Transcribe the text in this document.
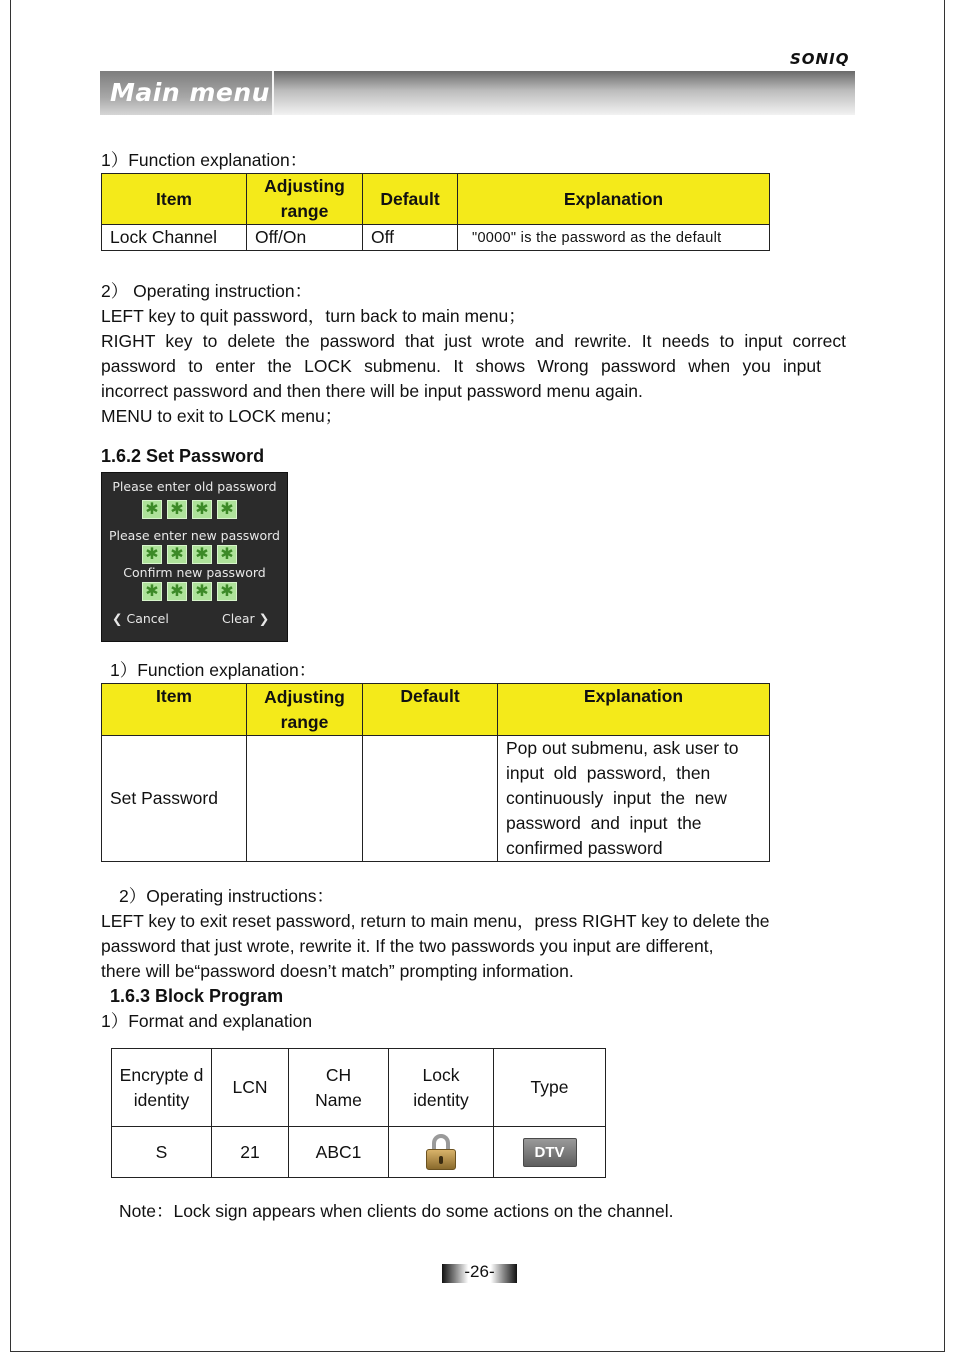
SONIQ
Main menu
1）Function explanation：
Item	Adjusting range	Default	Explanation
Lock Channel	Off/On	Off	"0000" is the password as the default
2） Operating instruction：
LEFT key to quit password，turn back to main menu；
RIGHT key to delete the password that just wrote and rewrite. It needs to input correct
password to enter the LOCK submenu. It shows Wrong password when you input
incorrect password and then there will be input password menu again.
MENU to exit to LOCK menu；
1.6.2 Set Password
Please enter old password
✱ ✱ ✱ ✱
Please enter new password
✱ ✱ ✱ ✱
Confirm new password
✱ ✱ ✱ ✱
❮ Cancel	Clear ❯
1）Function explanation：
Item	Adjusting range	Default	Explanation
Set Password			Pop out submenu, ask user to
input  old  password,  then
continuously  input  the  new
password  and  input  the
confirmed password
2）Operating instructions：
LEFT key to exit reset password, return to main menu，press RIGHT key to delete the
password that just wrote, rewrite it. If the two passwords you input are different,
there will be“password doesn’t match” prompting information.
1.6.3 Block Program
1）Format and explanation
Encrypte d identity	LCN	CH Name	Lock identity	Type
S	21	ABC1		DTV
Note：Lock sign appears when clients do some actions on the channel.
-26-
